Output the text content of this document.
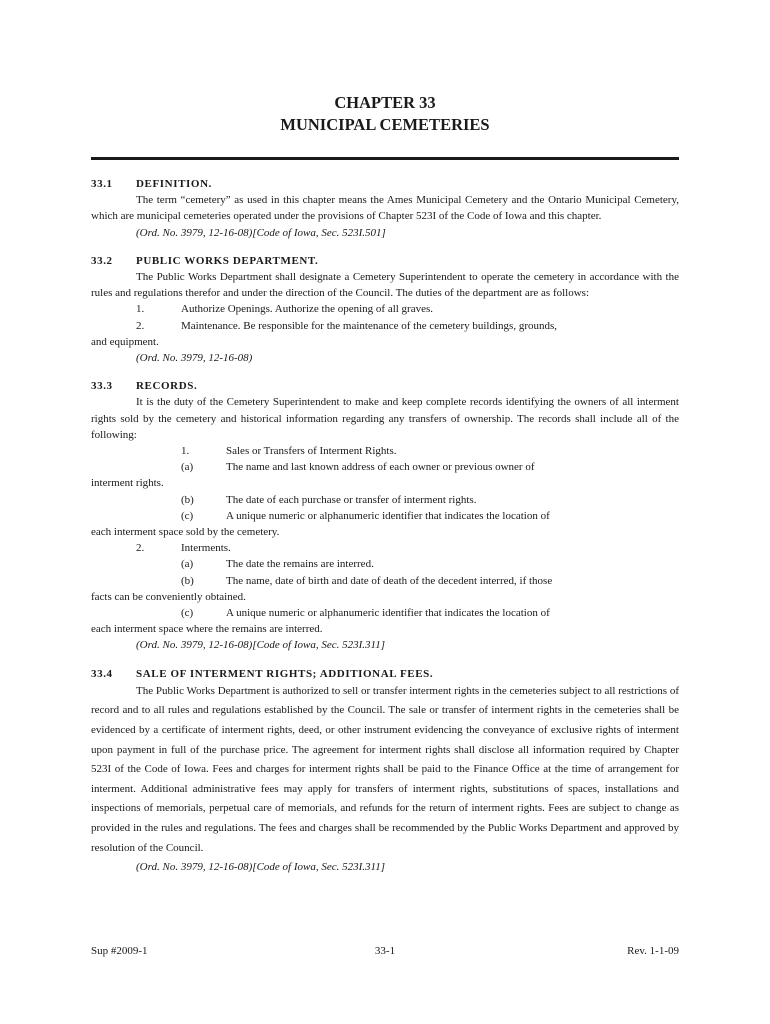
CHAPTER 33
MUNICIPAL CEMETERIES
33.1 DEFINITION.

The term “cemetery” as used in this chapter means the Ames Municipal Cemetery and the Ontario Municipal Cemetery, which are municipal cemeteries operated under the provisions of Chapter 523I of the Code of Iowa and this chapter.

(Ord. No. 3979, 12-16-08)[Code of Iowa, Sec. 523I.501]

33.2 PUBLIC WORKS DEPARTMENT.

The Public Works Department shall designate a Cemetery Superintendent to operate the cemetery in accordance with the rules and regulations therefor and under the direction of the Council. The duties of the department are as follows:

1.	Authorize Openings. Authorize the opening of all graves.
2.	Maintenance. Be responsible for the maintenance of the cemetery buildings, grounds,

and equipment.

(Ord. No. 3979, 12-16-08)

33.3 RECORDS.

It is the duty of the Cemetery Superintendent to make and keep complete records identifying the owners of all interment rights sold by the cemetery and historical information regarding any transfers of ownership. The records shall include all of the following:

1.	Sales or Transfers of Interment Rights.
(a)	The name and last known address of each owner or previous owner of

interment rights.

(b)	The date of each purchase or transfer of interment rights.
(c)	A unique numeric or alphanumeric identifier that indicates the location of

each interment space sold by the cemetery.

2.	Interments.
(a)	The date the remains are interred.
(b)	The name, date of birth and date of death of the decedent interred, if those

facts can be conveniently obtained.

(c)	A unique numeric or alphanumeric identifier that indicates the location of

each interment space where the remains are interred.

(Ord. No. 3979, 12-16-08)[Code of Iowa, Sec. 523I.311]

33.4 SALE OF INTERMENT RIGHTS; ADDITIONAL FEES.

The Public Works Department is authorized to sell or transfer interment rights in the cemeteries subject to all restrictions of record and to all rules and regulations established by the Council. The sale or transfer of interment rights in the cemeteries shall be evidenced by a certificate of interment rights, deed, or other instrument evidencing the conveyance of exclusive rights of interment upon payment in full of the purchase price. The agreement for interment rights shall disclose all information required by Chapter 523I of the Code of Iowa. Fees and charges for interment rights shall be paid to the Finance Office at the time of arrangement for interment. Additional administrative fees may apply for transfers of interment rights, substitutions of spaces, installations and inspections of memorials, perpetual care of memorials, and refunds for the return of interment rights. Fees are subject to change as provided in the rules and regulations. The fees and charges shall be recommended by the Public Works Department and approved by resolution of the Council.

(Ord. No. 3979, 12-16-08)[Code of Iowa, Sec. 523I.311]

Sup #2009-1	33-1	Rev. 1-1-09
